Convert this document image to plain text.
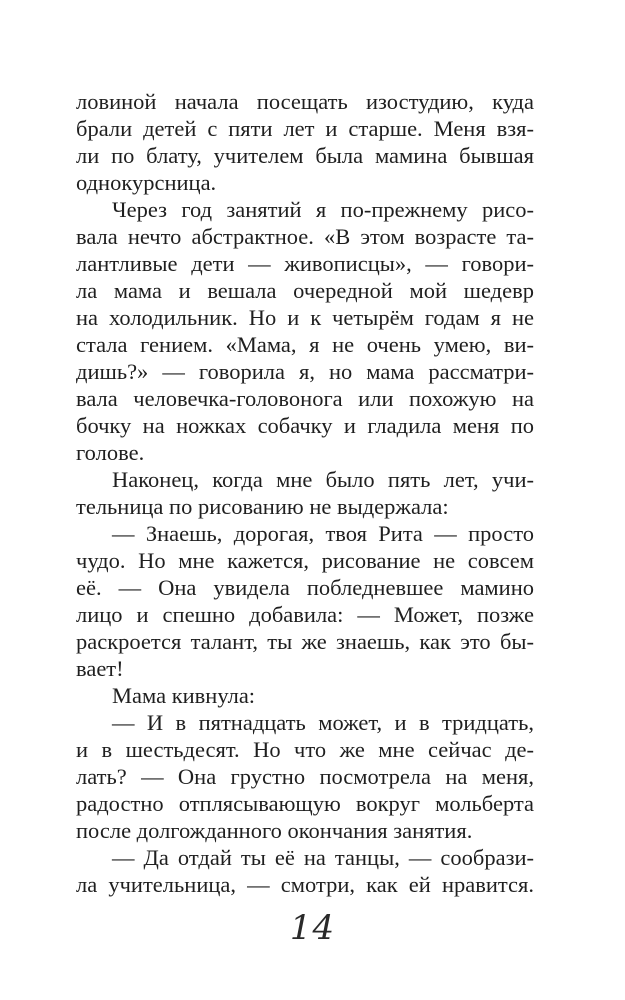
ловиной начала посещать изостудию, куда
брали детей с пяти лет и старше. Меня взя-
ли по блату, учителем была мамина бывшая
однокурсница.
Через год занятий я по-прежнему рисо-
вала нечто абстрактное. «В этом возрасте та-
лантливые дети — живописцы», — говори-
ла мама и вешала очередной мой шедевр
на холодильник. Но и к четырём годам я не
стала гением. «Мама, я не очень умею, ви-
дишь?» — говорила я, но мама рассматри-
вала человечка-головонога или похожую на
бочку на ножках собачку и гладила меня по
голове.
Наконец, когда мне было пять лет, учи-
тельница по рисованию не выдержала:
— Знаешь, дорогая, твоя Рита — просто
чудо. Но мне кажется, рисование не совсем
её. — Она увидела побледневшее мамино
лицо и спешно добавила: — Может, позже
раскроется талант, ты же знаешь, как это бы-
вает!
Мама кивнула:
— И в пятнадцать может, и в тридцать,
и в шестьдесят. Но что же мне сейчас де-
лать? — Она грустно посмотрела на меня,
радостно отплясывающую вокруг мольберта
после долгожданного окончания занятия.
— Да отдай ты её на танцы, — сообрази-
ла учительница, — смотри, как ей нравится.
14
